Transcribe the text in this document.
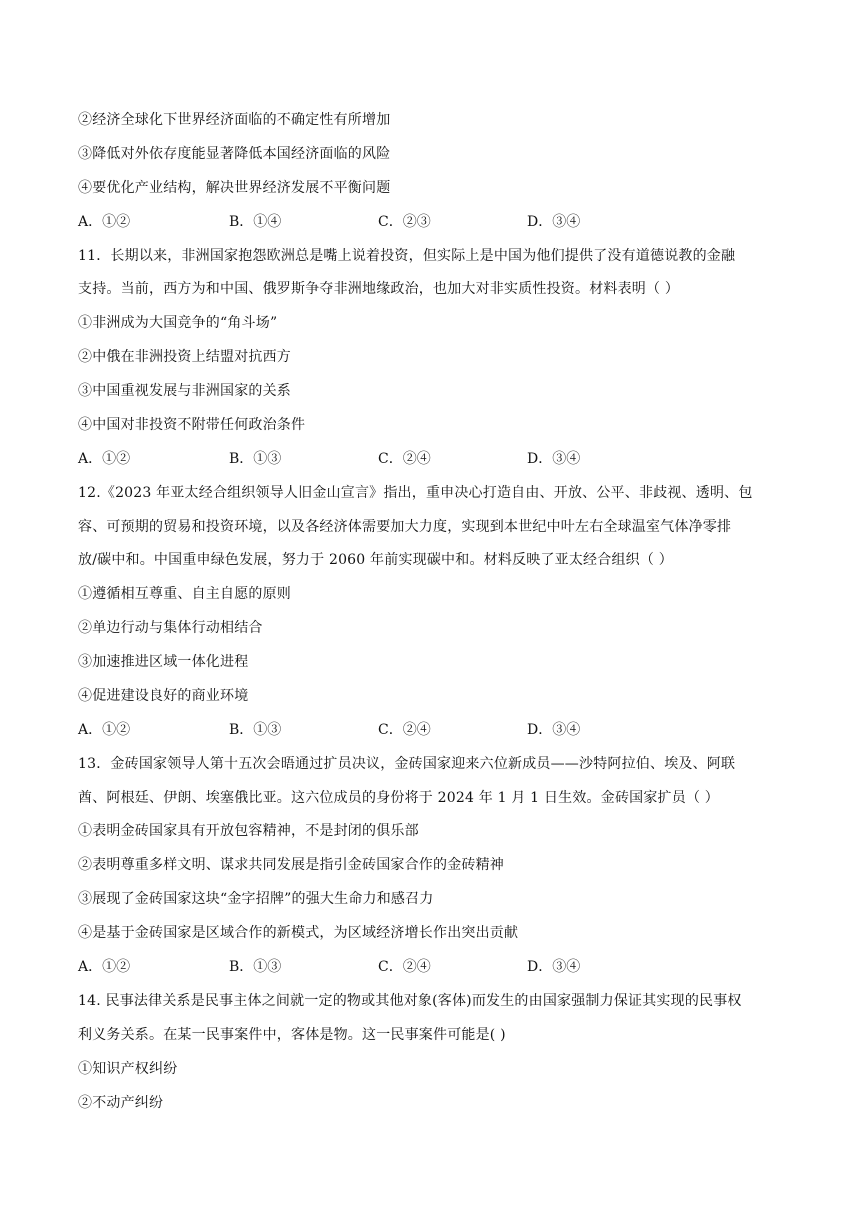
②经济全球化下世界经济面临的不确定性有所增加
③降低对外依存度能显著降低本国经济面临的风险
④要优化产业结构，解决世界经济发展不平衡问题
A．①②	B．①④	C．②③	D．③④
11．长期以来，非洲国家抱怨欧洲总是嘴上说着投资，但实际上是中国为他们提供了没有道德说教的金融
支持。当前，西方为和中国、俄罗斯争夺非洲地缘政治，也加大对非实质性投资。材料表明（ ）
①非洲成为大国竞争的“角斗场”
②中俄在非洲投资上结盟对抗西方
③中国重视发展与非洲国家的关系
④中国对非投资不附带任何政治条件
A．①②	B．①③	C．②④	D．③④
12.《2023 年亚太经合组织领导人旧金山宣言》指出，重申决心打造自由、开放、公平、非歧视、透明、包
容、可预期的贸易和投资环境，以及各经济体需要加大力度，实现到本世纪中叶左右全球温室气体净零排
放/碳中和。中国重申绿色发展，努力于 2060 年前实现碳中和。材料反映了亚太经合组织（ ）
①遵循相互尊重、自主自愿的原则
②单边行动与集体行动相结合
③加速推进区域一体化进程
④促进建设良好的商业环境
A．①②	B．①③	C．②④	D．③④
13．金砖国家领导人第十五次会晤通过扩员决议，金砖国家迎来六位新成员——沙特阿拉伯、埃及、阿联
酋、阿根廷、伊朗、埃塞俄比亚。这六位成员的身份将于 2024 年 1 月 1 日生效。金砖国家扩员（ ）
①表明金砖国家具有开放包容精神，不是封闭的俱乐部
②表明尊重多样文明、谋求共同发展是指引金砖国家合作的金砖精神
③展现了金砖国家这块“金字招牌”的强大生命力和感召力
④是基于金砖国家是区域合作的新模式，为区域经济增长作出突出贡献
A．①②	B．①③	C．②④	D．③④
14. 民事法律关系是民事主体之间就一定的物或其他对象(客体)而发生的由国家强制力保证其实现的民事权
利义务关系。在某一民事案件中，客体是物。这一民事案件可能是( )
①知识产权纠纷
②不动产纠纷
